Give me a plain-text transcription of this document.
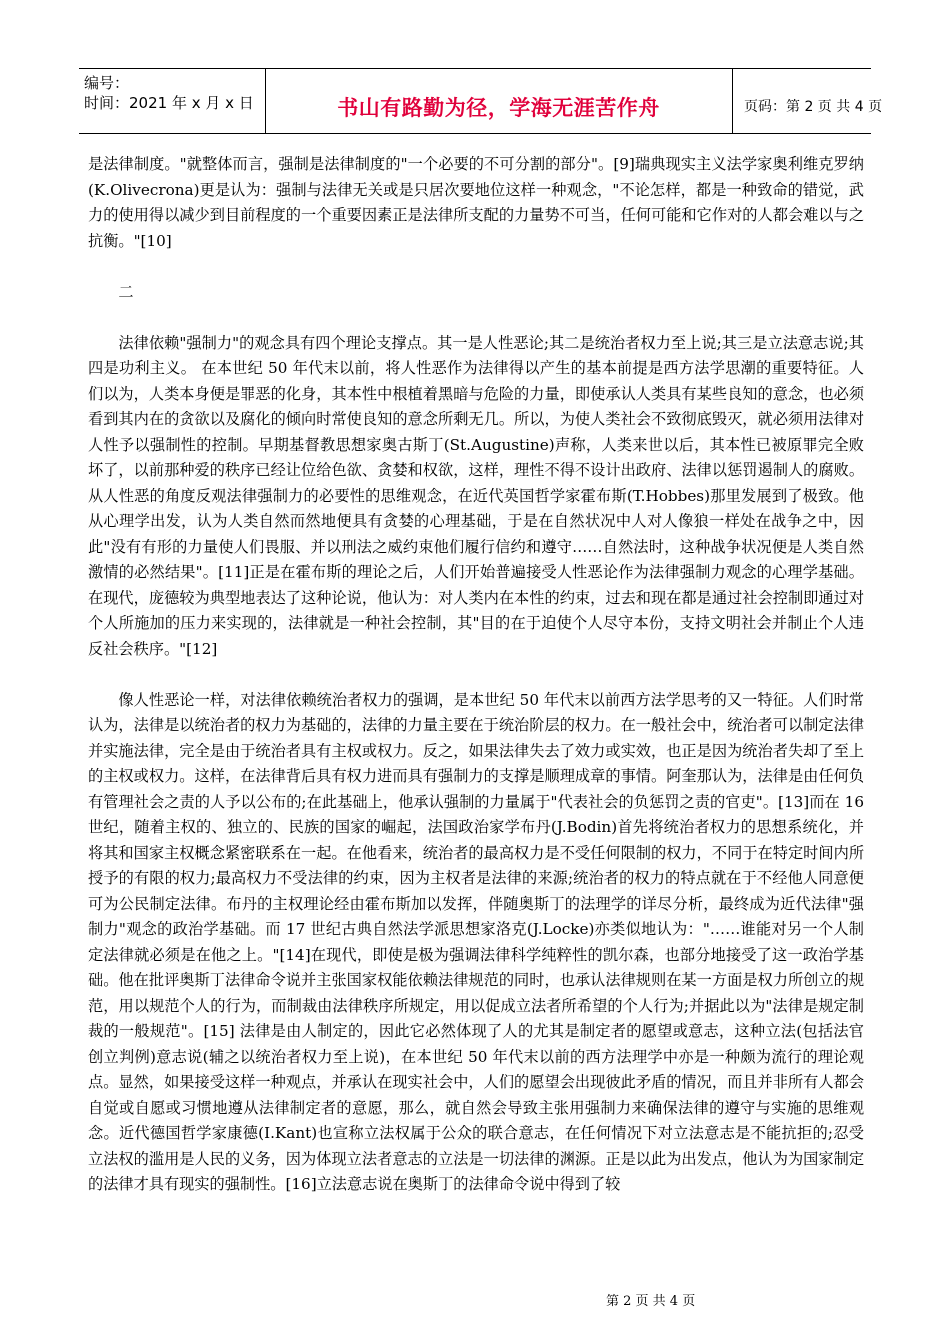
编号：
时间：2021 年 x 月 x 日	书山有路勤为径，学海无涯苦作舟	页码：第 2 页 共 4 页

是法律制度。"就整体而言，强制是法律制度的"一个必要的不可分割的部分"。[9]瑞典现实主义法学家奥利维克罗纳(K.Olivecrona)更是认为：强制与法律无关或是只居次要地位这样一种观念，"不论怎样，都是一种致命的错觉，武力的使用得以减少到目前程度的一个重要因素正是法律所支配的力量势不可当，任何可能和它作对的人都会难以与之抗衡。"[10]

二

法律依赖"强制力"的观念具有四个理论支撑点。其一是人性恶论;其二是统治者权力至上说;其三是立法意志说;其四是功利主义。 在本世纪 50 年代末以前，将人性恶作为法律得以产生的基本前提是西方法学思潮的重要特征。人们以为，人类本身便是罪恶的化身，其本性中根植着黑暗与危险的力量，即使承认人类具有某些良知的意念，也必须看到其内在的贪欲以及腐化的倾向时常使良知的意念所剩无几。所以，为使人类社会不致彻底毁灭，就必须用法律对人性予以强制性的控制。早期基督教思想家奥古斯丁(St.Augustine)声称，人类来世以后，其本性已被原罪完全败坏了，以前那种爱的秩序已经让位给色欲、贪婪和权欲，这样，理性不得不设计出政府、法律以惩罚遏制人的腐败。从人性恶的角度反观法律强制力的必要性的思维观念，在近代英国哲学家霍布斯(T.Hobbes)那里发展到了极致。他从心理学出发，认为人类自然而然地便具有贪婪的心理基础，于是在自然状况中人对人像狼一样处在战争之中，因此"没有有形的力量使人们畏服、并以刑法之威约束他们履行信约和遵守……自然法时，这种战争状况便是人类自然激情的必然结果"。[11]正是在霍布斯的理论之后，人们开始普遍接受人性恶论作为法律强制力观念的心理学基础。在现代，庞德较为典型地表达了这种论说，他认为：对人类内在本性的约束，过去和现在都是通过社会控制即通过对个人所施加的压力来实现的，法律就是一种社会控制，其"目的在于迫使个人尽守本份，支持文明社会并制止个人违反社会秩序。"[12]

像人性恶论一样，对法律依赖统治者权力的强调，是本世纪 50 年代末以前西方法学思考的又一特征。人们时常认为，法律是以统治者的权力为基础的，法律的力量主要在于统治阶层的权力。在一般社会中，统治者可以制定法律并实施法律，完全是由于统治者具有主权或权力。反之，如果法律失去了效力或实效，也正是因为统治者失却了至上的主权或权力。这样，在法律背后具有权力进而具有强制力的支撑是顺理成章的事情。阿奎那认为，法律是由任何负有管理社会之责的人予以公布的;在此基础上，他承认强制的力量属于"代表社会的负惩罚之责的官吏"。[13]而在 16 世纪，随着主权的、独立的、民族的国家的崛起，法国政治家学布丹(J.Bodin)首先将统治者权力的思想系统化，并将其和国家主权概念紧密联系在一起。在他看来，统治者的最高权力是不受任何限制的权力，不同于在特定时间内所授予的有限的权力;最高权力不受法律的约束，因为主权者是法律的来源;统治者的权力的特点就在于不经他人同意便可为公民制定法律。布丹的主权理论经由霍布斯加以发挥，伴随奥斯丁的法理学的详尽分析，最终成为近代法律"强制力"观念的政治学基础。而 17 世纪古典自然法学派思想家洛克(J.Locke)亦类似地认为："……谁能对另一个人制定法律就必须是在他之上。"[14]在现代，即使是极为强调法律科学纯粹性的凯尔森，也部分地接受了这一政治学基础。他在批评奥斯丁法律命令说并主张国家权能依赖法律规范的同时，也承认法律规则在某一方面是权力所创立的规范，用以规范个人的行为，而制裁由法律秩序所规定，用以促成立法者所希望的个人行为;并据此以为"法律是规定制裁的一般规范"。[15] 法律是由人制定的，因此它必然体现了人的尤其是制定者的愿望或意志，这种立法(包括法官创立判例)意志说(辅之以统治者权力至上说)，在本世纪 50 年代末以前的西方法理学中亦是一种颇为流行的理论观点。显然，如果接受这样一种观点，并承认在现实社会中，人们的愿望会出现彼此矛盾的情况，而且并非所有人都会自觉或自愿或习惯地遵从法律制定者的意愿，那么，就自然会导致主张用强制力来确保法律的遵守与实施的思维观念。近代德国哲学家康德(I.Kant)也宣称立法权属于公众的联合意志，在任何情况下对立法意志是不能抗拒的;忍受立法权的滥用是人民的义务，因为体现立法者意志的立法是一切法律的渊源。正是以此为出发点，他认为为国家制定的法律才具有现实的强制性。[16]立法意志说在奥斯丁的法律命令说中得到了较

第 2 页 共 4 页
